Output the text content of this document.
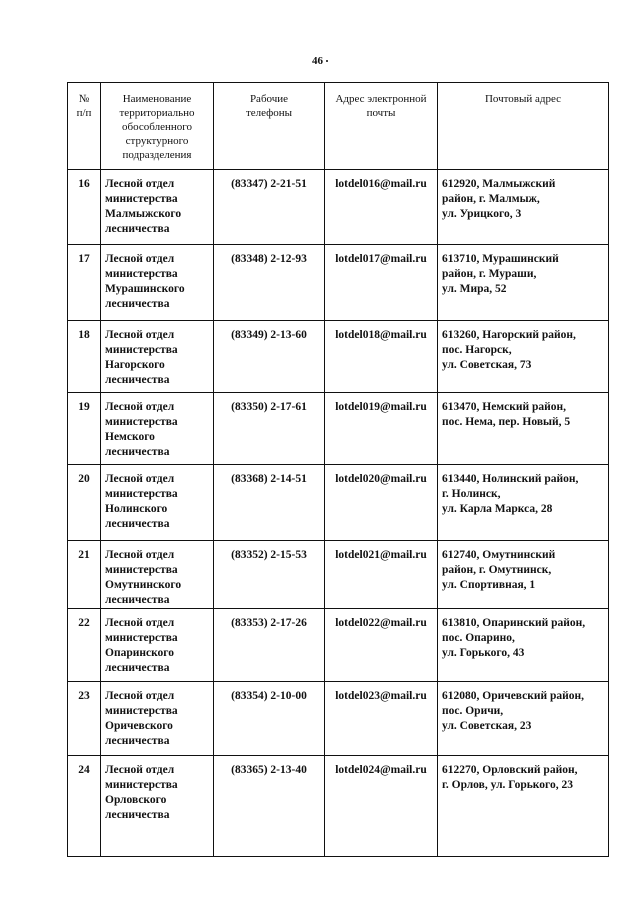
46
№
п/п	Наименование
территориально
обособленного
структурного
подразделения	Рабочие
телефоны	Адрес электронной
почты	Почтовый адрес

16	Лесной отдел
министерства
Малмыжского
лесничества	(83347) 2-21-51	lotdel016@mail.ru	612920, Малмыжский
район, г. Малмыж,
ул. Урицкого, 3

17	Лесной отдел
министерства
Мурашинского
лесничества	(83348) 2-12-93	lotdel017@mail.ru	613710, Мурашинский
район, г. Мураши,
ул. Мира, 52

18	Лесной отдел
министерства
Нагорского
лесничества	(83349) 2-13-60	lotdel018@mail.ru	613260, Нагорский район,
пос. Нагорск,
ул. Советская, 73

19	Лесной отдел
министерства
Немского
лесничества	(83350) 2-17-61	lotdel019@mail.ru	613470, Немский район,
пос. Нема, пер. Новый, 5

20	Лесной отдел
министерства
Нолинского
лесничества	(83368) 2-14-51	lotdel020@mail.ru	613440, Нолинский район,
г. Нолинск,
ул. Карла Маркса, 28

21	Лесной отдел
министерства
Омутнинского
лесничества	(83352) 2-15-53	lotdel021@mail.ru	612740, Омутнинский
район, г. Омутнинск,
ул. Спортивная, 1

22	Лесной отдел
министерства
Опаринского
лесничества	(83353) 2-17-26	lotdel022@mail.ru	613810, Опаринский район,
пос. Опарино,
ул. Горького, 43

23	Лесной отдел
министерства
Оричевского
лесничества	(83354) 2-10-00	lotdel023@mail.ru	612080, Оричевский район,
пос. Оричи,
ул. Советская, 23

24	Лесной отдел
министерства
Орловского
лесничества	(83365) 2-13-40	lotdel024@mail.ru	612270, Орловский район,
г. Орлов, ул. Горького, 23
